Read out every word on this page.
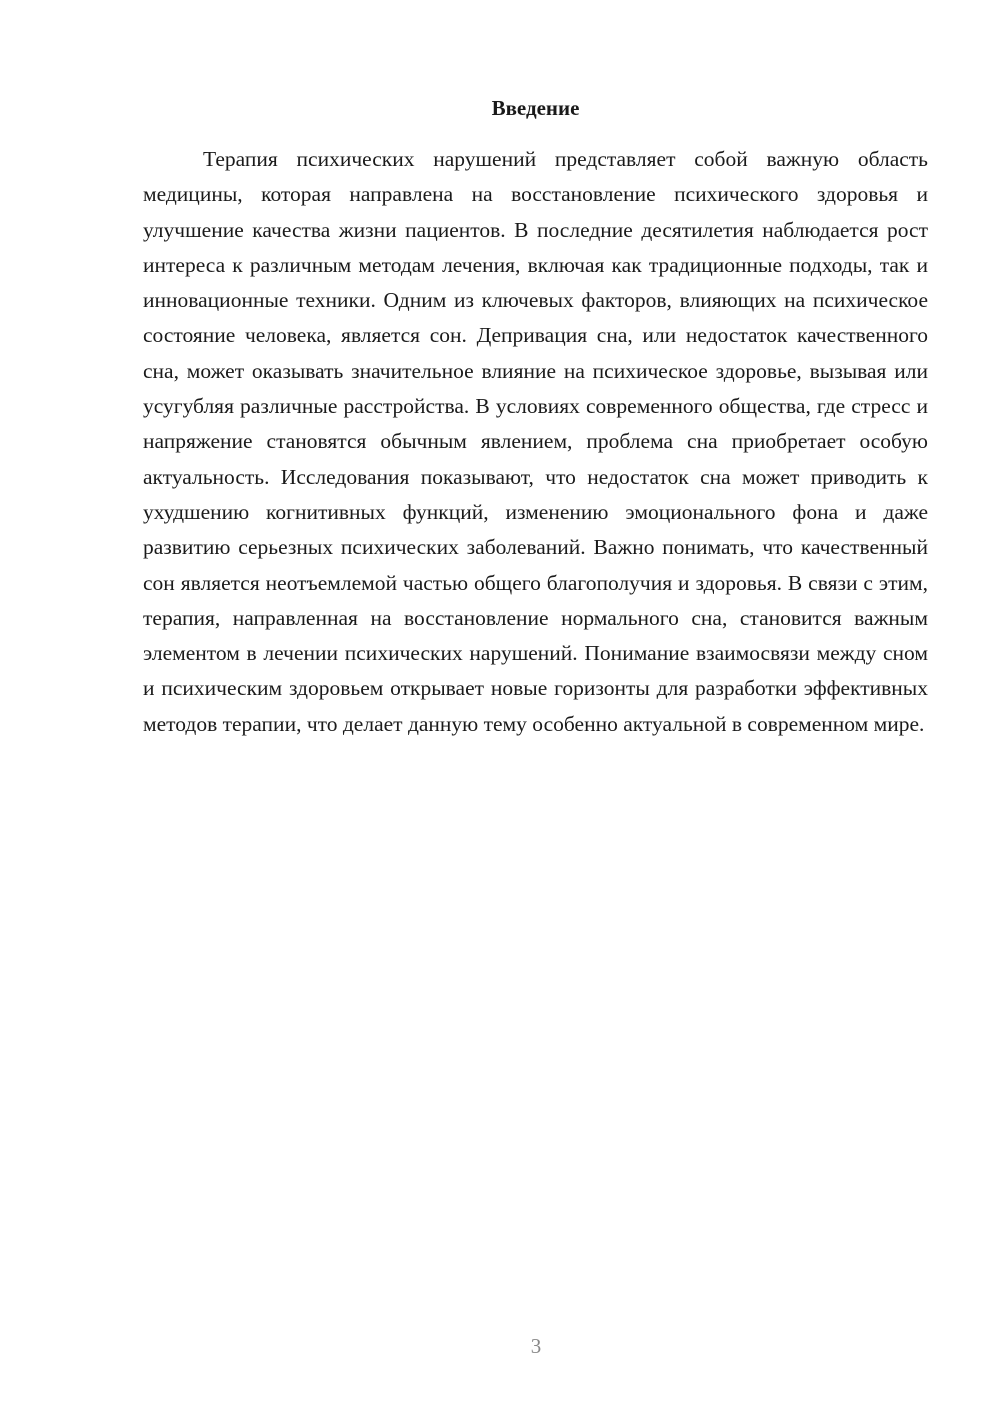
Введение

Терапия психических нарушений представляет собой важную область медицины, которая направлена на восстановление психического здоровья и улучшение качества жизни пациентов. В последние десятилетия наблюдается рост интереса к различным методам лечения, включая как традиционные подходы, так и инновационные техники. Одним из ключевых факторов, влияющих на психическое состояние человека, является сон. Депривация сна, или недостаток качественного сна, может оказывать значительное влияние на психическое здоровье, вызывая или усугубляя различные расстройства. В условиях современного общества, где стресс и напряжение становятся обычным явлением, проблема сна приобретает особую актуальность. Исследования показывают, что недостаток сна может приводить к ухудшению когнитивных функций, изменению эмоционального фона и даже развитию серьезных психических заболеваний. Важно понимать, что качественный сон является неотъемлемой частью общего благополучия и здоровья. В связи с этим, терапия, направленная на восстановление нормального сна, становится важным элементом в лечении психических нарушений. Понимание взаимосвязи между сном и психическим здоровьем открывает новые горизонты для разработки эффективных методов терапии, что делает данную тему особенно актуальной в современном мире.

3
